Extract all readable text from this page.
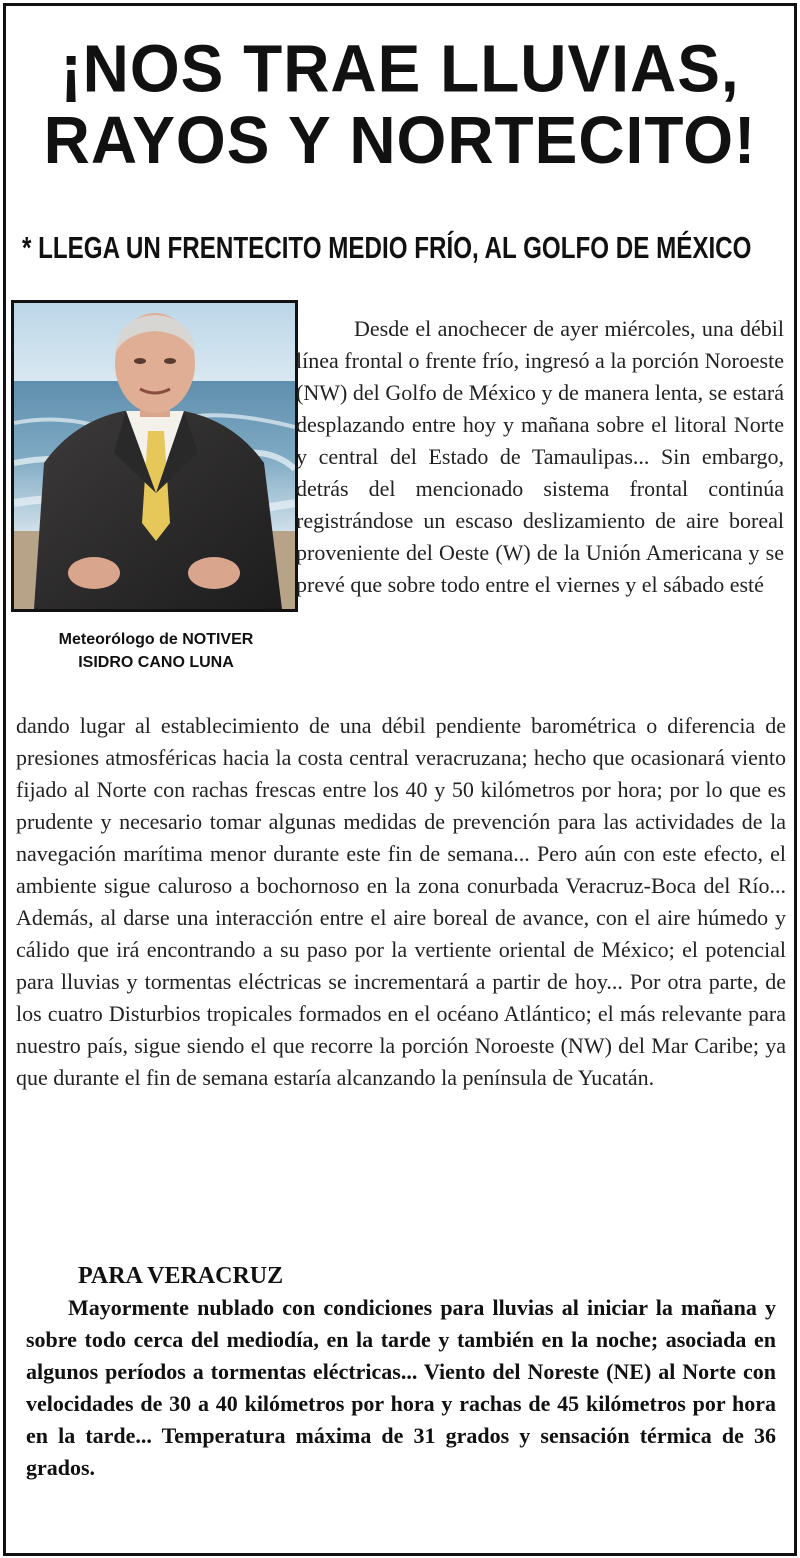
¡NOS TRAE LLUVIAS,
RAYOS Y NORTECITO!
* LLEGA UN FRENTECITO MEDIO FRÍO, AL GOLFO DE MÉXICO
Meteorólogo de NOTIVER
ISIDRO CANO LUNA

Desde el anochecer de ayer miércoles, una débil línea frontal o frente frío, ingresó a la porción Noroeste (NW) del Golfo de México y de manera lenta, se estará desplazando entre hoy y mañana sobre el litoral Norte y central del Estado de Tamaulipas... Sin embargo, detrás del mencionado sistema frontal continúa registrándose un escaso deslizamiento de aire boreal proveniente del Oeste (W) de la Unión Americana y se prevé que sobre todo entre el viernes y el sábado esté

dando lugar al establecimiento de una débil pendiente barométrica o diferencia de presiones atmosféricas hacia la costa central veracruzana; hecho que ocasionará viento fijado al Norte con rachas frescas entre los 40 y 50 kilómetros por hora; por lo que es prudente y necesario tomar algunas medidas de prevención para las actividades de la navegación marítima menor durante este fin de semana... Pero aún con este efecto, el ambiente sigue caluroso a bochornoso en la zona conurbada Veracruz-Boca del Río... Además, al darse una interacción entre el aire boreal de avance, con el aire húmedo y cálido que irá encontrando a su paso por la vertiente oriental de México; el potencial para lluvias y tormentas eléctricas se incrementará a partir de hoy... Por otra parte, de los cuatro Disturbios tropicales formados en el océano Atlántico; el más relevante para nuestro país, sigue siendo el que recorre la porción Noroeste (NW) del Mar Caribe; ya que durante el fin de semana estaría alcanzando la península de Yucatán.

PARA VERACRUZ

Mayormente nublado con condiciones para lluvias al iniciar la mañana y sobre todo cerca del mediodía, en la tarde y también en la noche; asociada en algunos períodos a tormentas eléctricas... Viento del Noreste (NE) al Norte con velocidades de 30 a 40 kilómetros por hora y rachas de 45 kilómetros por hora en la tarde... Temperatura máxima de 31 grados y sensación térmica de 36 grados.
